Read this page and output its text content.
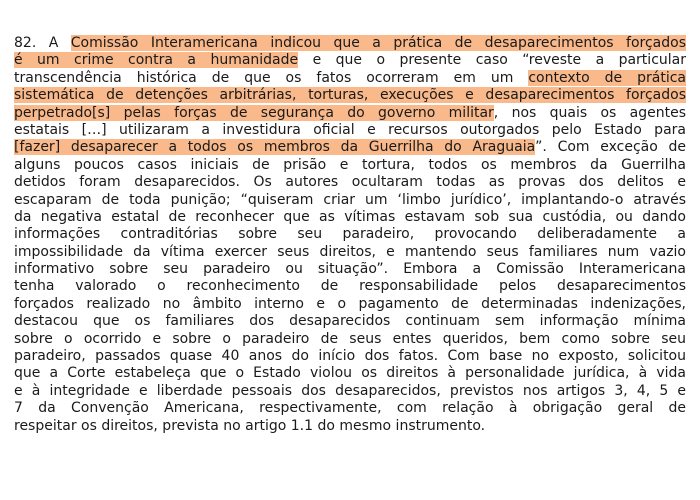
82. A Comissão Interamericana indicou que a prática de desaparecimentos forçados
é um crime contra a humanidade e que o presente caso “reveste a particular
transcendência histórica de que os fatos ocorreram em um contexto de prática
sistemática de detenções arbitrárias, torturas, execuções e desaparecimentos forçados
perpetrado[s] pelas forças de segurança do governo militar, nos quais os agentes
estatais […] utilizaram a investidura oficial e recursos outorgados pelo Estado para
[fazer] desaparecer a todos os membros da Guerrilha do Araguaia”. Com exceção de
alguns poucos casos iniciais de prisão e tortura, todos os membros da Guerrilha
detidos foram desaparecidos. Os autores ocultaram todas as provas dos delitos e
escaparam de toda punição; “quiseram criar um ‘limbo jurídico’, implantando-o através
da negativa estatal de reconhecer que as vítimas estavam sob sua custódia, ou dando
informações contraditórias sobre seu paradeiro, provocando deliberadamente a
impossibilidade da vítima exercer seus direitos, e mantendo seus familiares num vazio
informativo sobre seu paradeiro ou situação”. Embora a Comissão Interamericana
tenha valorado o reconhecimento de responsabilidade pelos desaparecimentos
forçados realizado no âmbito interno e o pagamento de determinadas indenizações,
destacou que os familiares dos desaparecidos continuam sem informação mínima
sobre o ocorrido e sobre o paradeiro de seus entes queridos, bem como sobre seu
paradeiro, passados quase 40 anos do início dos fatos. Com base no exposto, solicitou
que a Corte estabeleça que o Estado violou os direitos à personalidade jurídica, à vida
e à integridade e liberdade pessoais dos desaparecidos, previstos nos artigos 3, 4, 5 e
7 da Convenção Americana, respectivamente, com relação à obrigação geral de
respeitar os direitos, prevista no artigo 1.1 do mesmo instrumento.
